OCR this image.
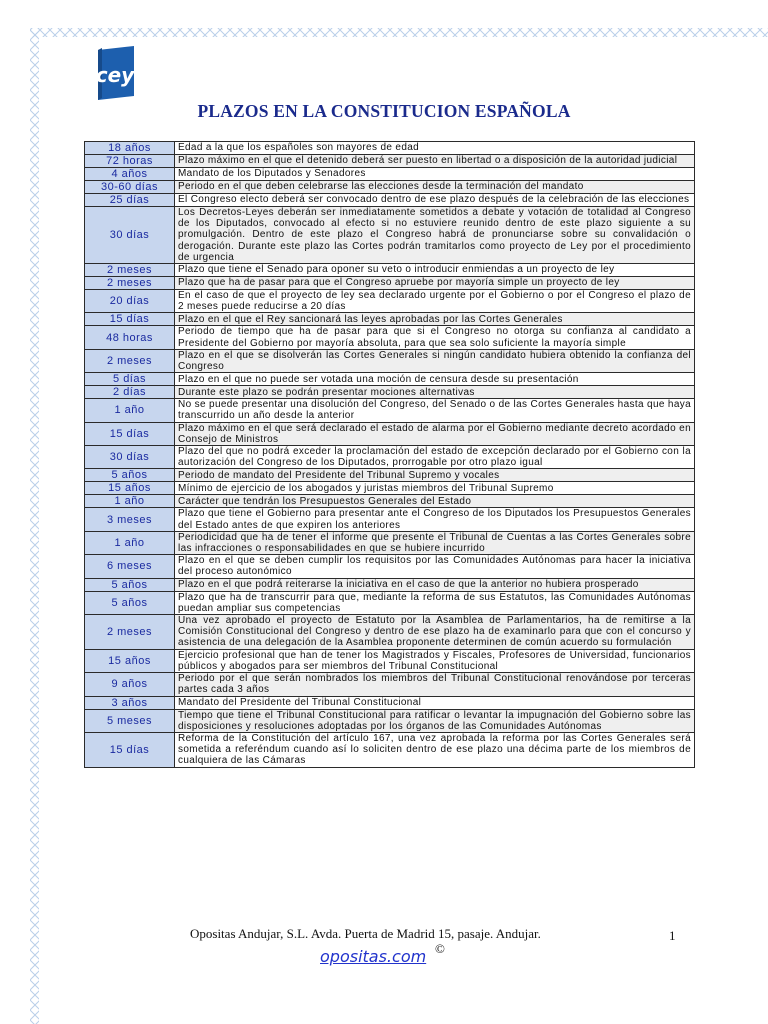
cey
PLAZOS EN LA CONSTITUCION ESPAÑOLA
18 años	Edad a la que los españoles son mayores de edad
72 horas	Plazo máximo en el que el detenido deberá ser puesto en libertad o a disposición de la autoridad judicial
4 años	Mandato de los Diputados y Senadores
30-60 días	Periodo en el que deben celebrarse las elecciones desde la terminación del mandato
25 días	El Congreso electo deberá ser convocado dentro de ese plazo después de la celebración de las elecciones
30 días	Los Decretos-Leyes deberán ser inmediatamente sometidos a debate y votación de totalidad al Congreso de los Diputados, convocado al efecto si no estuviere reunido dentro de este plazo siguiente a su promulgación. Dentro de este plazo el Congreso habrá de pronunciarse sobre su convalidación o derogación. Durante este plazo las Cortes podrán tramitarlos como proyecto de Ley por el procedimiento de urgencia
2 meses	Plazo que tiene el Senado para oponer su veto o introducir enmiendas a un proyecto de ley
2 meses	Plazo que ha de pasar para que el Congreso apruebe por mayoría simple un proyecto de ley
20 días	En el caso de que el proyecto de ley sea declarado urgente por el Gobierno o por el Congreso el plazo de 2 meses puede reducirse a 20 días
15 días	Plazo en el que el Rey sancionará las leyes aprobadas por las Cortes Generales
48 horas	Periodo de tiempo que ha de pasar para que si el Congreso no otorga su confianza al candidato a Presidente del Gobierno por mayoría absoluta, para que sea solo suficiente la mayoría simple
2 meses	Plazo en el que se disolverán las Cortes Generales si ningún candidato hubiera obtenido la confianza del Congreso
5 días	Plazo en el que no puede ser votada una moción de censura desde su presentación
2 días	Durante este plazo se podrán presentar mociones alternativas
1 año	No se puede presentar una disolución del Congreso, del Senado o de las Cortes Generales hasta que haya transcurrido un año desde la anterior
15 días	Plazo máximo en el que será declarado el estado de alarma por el Gobierno mediante decreto acordado en Consejo de Ministros
30 días	Plazo del que no podrá exceder la proclamación del estado de excepción declarado por el Gobierno con la autorización del Congreso de los Diputados, prorrogable por otro plazo igual
5 años	Periodo de mandato del Presidente del Tribunal Supremo y vocales
15 años	Mínimo de ejercicio de los abogados y juristas miembros del Tribunal Supremo
1 año	Carácter que tendrán los Presupuestos Generales del Estado
3 meses	Plazo que tiene el Gobierno para presentar ante el Congreso de los Diputados los Presupuestos Generales del Estado antes de que expiren los anteriores
1 año	Periodicidad que ha de tener el informe que presente el Tribunal de Cuentas a las Cortes Generales sobre las infracciones o responsabilidades en que se hubiere incurrido
6 meses	Plazo en el que se deben cumplir los requisitos por las Comunidades Autónomas para hacer la iniciativa del proceso autonómico
5 años	Plazo en el que podrá reiterarse la iniciativa en el caso de que la anterior no hubiera prosperado
5 años	Plazo que ha de transcurrir para que, mediante la reforma de sus Estatutos, las Comunidades Autónomas puedan ampliar sus competencias
2 meses	Una vez aprobado el proyecto de Estatuto por la Asamblea de Parlamentarios, ha de remitirse a la Comisión Constitucional del Congreso y dentro de ese plazo ha de examinarlo para que con el concurso y asistencia de una delegación de la Asamblea proponente determinen de común acuerdo su formulación
15 años	Ejercicio profesional que han de tener los Magistrados y Fiscales, Profesores de Universidad, funcionarios públicos y abogados para ser miembros del Tribunal Constitucional
9 años	Periodo por el que serán nombrados los miembros del Tribunal Constitucional renovándose por terceras partes cada 3 años
3 años	Mandato del Presidente del Tribunal Constitucional
5 meses	Tiempo que tiene el Tribunal Constitucional para ratificar o levantar la impugnación del Gobierno sobre las disposiciones y resoluciones adoptadas por los órganos de las Comunidades Autónomas
15 días	Reforma de la Constitución del artículo 167, una vez aprobada la reforma por las Cortes Generales será sometida a referéndum cuando así lo soliciten dentro de ese plazo una décima parte de los miembros de cualquiera de las Cámaras
Opositas Andujar, S.L. Avda. Puerta de Madrid 15, pasaje. Andujar.	1
opositas.com ©
